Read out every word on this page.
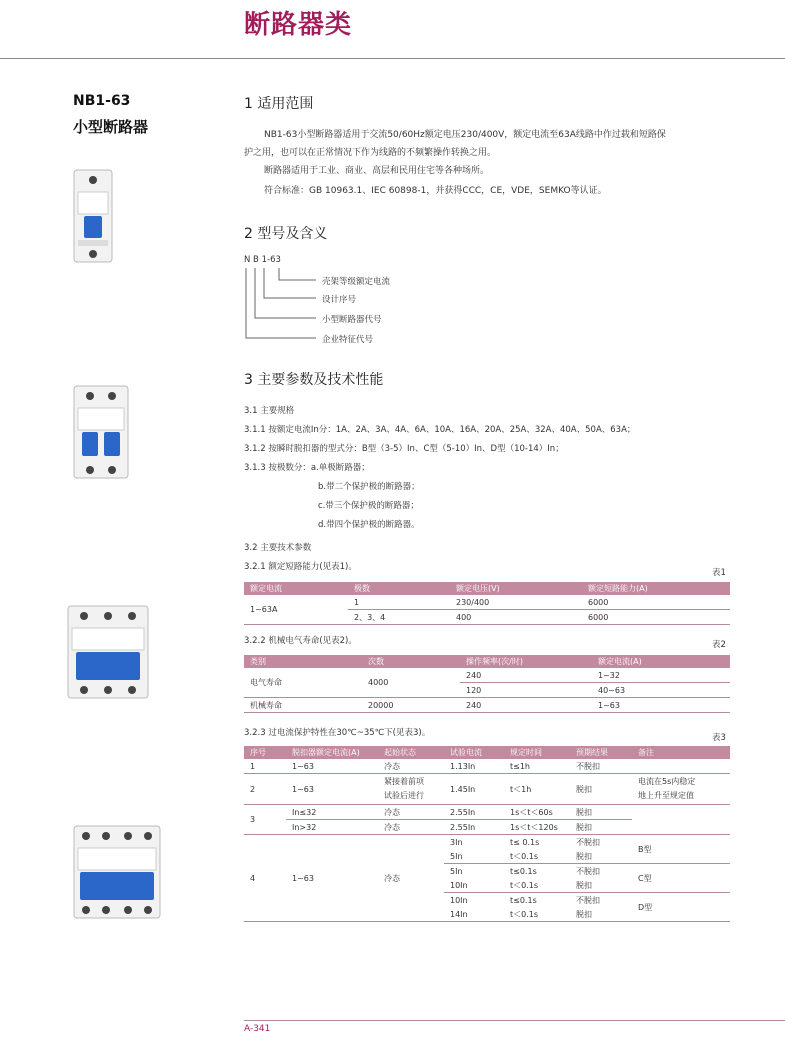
断路器类
NB1-63
小型断路器
1 适用范围
NB1-63小型断路器适用于交流50/60Hz额定电压230/400V，额定电流至63A线路中作过载和短路保
护之用，也可以在正常情况下作为线路的不频繁操作转换之用。
断路器适用于工业、商业、高层和民用住宅等各种场所。
符合标准：GB 10963.1、IEC 60898-1，并获得CCC，CE，VDE，SEMKO等认证。
2 型号及含义
N B 1-63
壳架等级额定电流
设计序号
小型断路器代号
企业特征代号
3 主要参数及技术性能
3.1 主要规格
3.1.1 按额定电流In分：1A、2A、3A、4A、6A、10A、16A、20A、25A、32A、40A、50A、63A；
3.1.2 按瞬时脱扣器的型式分：B型（3-5）In、C型（5-10）In、D型（10-14）In；
3.1.3 按极数分：a.单极断路器；
b.带二个保护极的断路器；
c.带三个保护极的断路器；
d.带四个保护极的断路器。
3.2 主要技术参数
3.2.1 额定短路能力(见表1)。
表1
额定电流	极数	额定电压(V)	额定短路能力(A)
1~63A	1	230/400	6000
	2、3、4	400	6000
3.2.2 机械电气寿命(见表2)。	表2
类别	次数	操作频率(次/时)	额定电流(A)
电气寿命	4000	240	1~32
		120	40~63
机械寿命	20000	240	1~63
3.2.3 过电流保护特性在30℃~35℃下(见表3)。	表3
序号	脱扣器额定电流(A)	起始状态	试验电流	规定时间	预期结果	备注
1	1~63	冷态	1.13In	t≤1h	不脱扣	
2	1~63	紧接着前项
试验后进行	1.45In	t＜1h	脱扣	电流在5s内稳定
地上升至规定值
3	In≤32	冷态	2.55In	1s＜t＜60s	脱扣	
	In>32	冷态	2.55In	1s＜t＜120s	脱扣	
4	1~63	冷态	3In	t≤ 0.1s	不脱扣	B型
			5In	t＜0.1s	脱扣	
			5In	t≤0.1s	不脱扣	C型
			10In	t＜0.1s	脱扣	
			10In	t≤0.1s	不脱扣	D型
			14In	t＜0.1s	脱扣	
A-341
